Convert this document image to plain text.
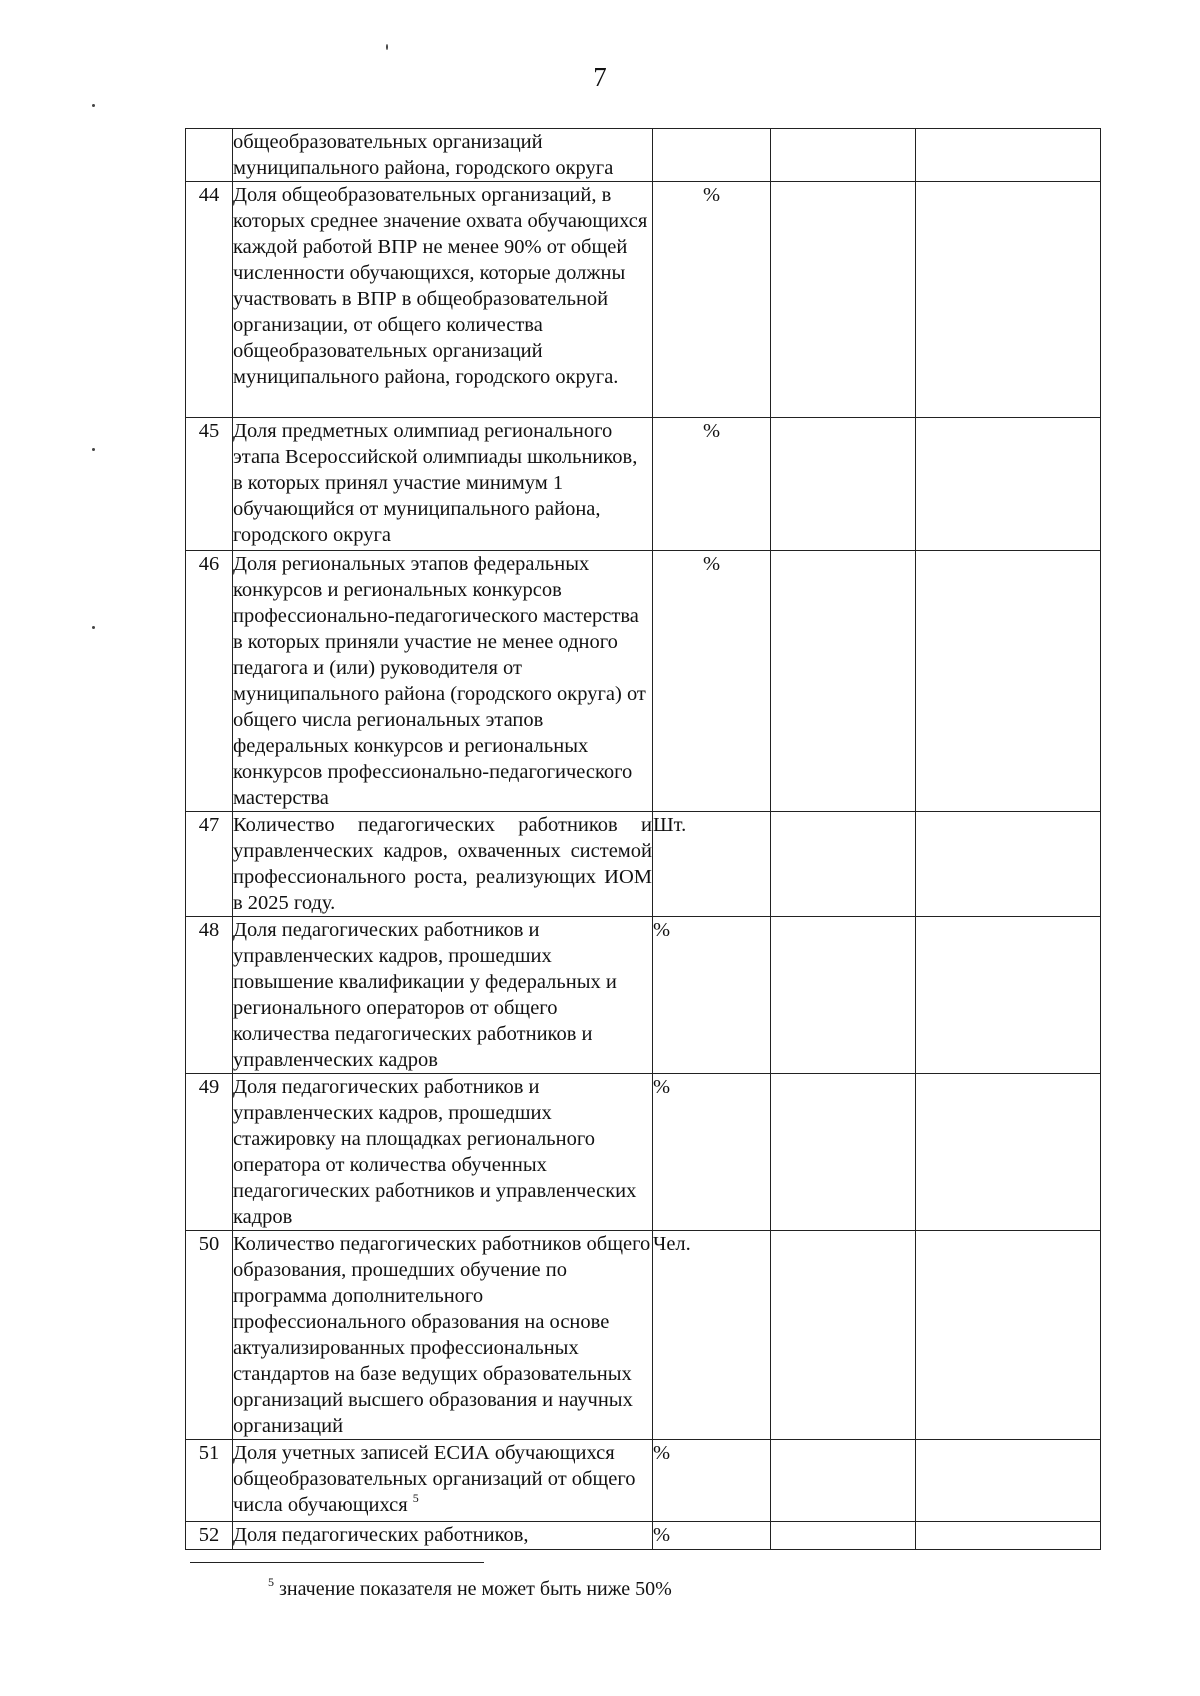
7

	общеобразовательных организаций муниципального района, городского округа			

44	Доля общеобразовательных организаций, в которых среднее значение охвата обучающихся каждой работой ВПР не менее 90% от общей численности обучающихся, которые должны участвовать в ВПР в общеобразовательной организации, от общего количества общеобразовательных организаций муниципального района, городского округа.	%		
45	Доля предметных олимпиад регионального этапа Всероссийской олимпиады школьников, в которых принял участие минимум 1 обучающийся от муниципального района, городского округа	%		
46	Доля региональных этапов федеральных конкурсов и региональных конкурсов профессионально-педагогического мастерства в которых приняли участие не менее одного педагога и (или) руководителя от муниципального района (городского округа) от общего числа региональных этапов федеральных конкурсов и региональных конкурсов профессионально-педагогического мастерства	%		
47	Количество педагогических работников и управленческих кадров, охваченных системой профессионального роста, реализующих ИОМ в 2025 году.	Шт.		
48	Доля педагогических работников и управленческих кадров, прошедших повышение квалификации у федеральных и регионального операторов от общего количества педагогических работников и управленческих кадров	%		
49	Доля педагогических работников и управленческих кадров, прошедших стажировку на площадках регионального оператора от количества обученных педагогических работников и управленческих кадров	%		
50	Количество педагогических работников общего образования, прошедших обучение по программа дополнительного профессионального образования на основе актуализированных профессиональных стандартов на базе ведущих образовательных организаций высшего образования и научных организаций	Чел.		
51	Доля учетных записей ЕСИА обучающихся общеобразовательных организаций от общего числа обучающихся $^5$	%		
52	Доля педагогических работников,	%		
$^5$ значение показателя не может быть ниже 50%
